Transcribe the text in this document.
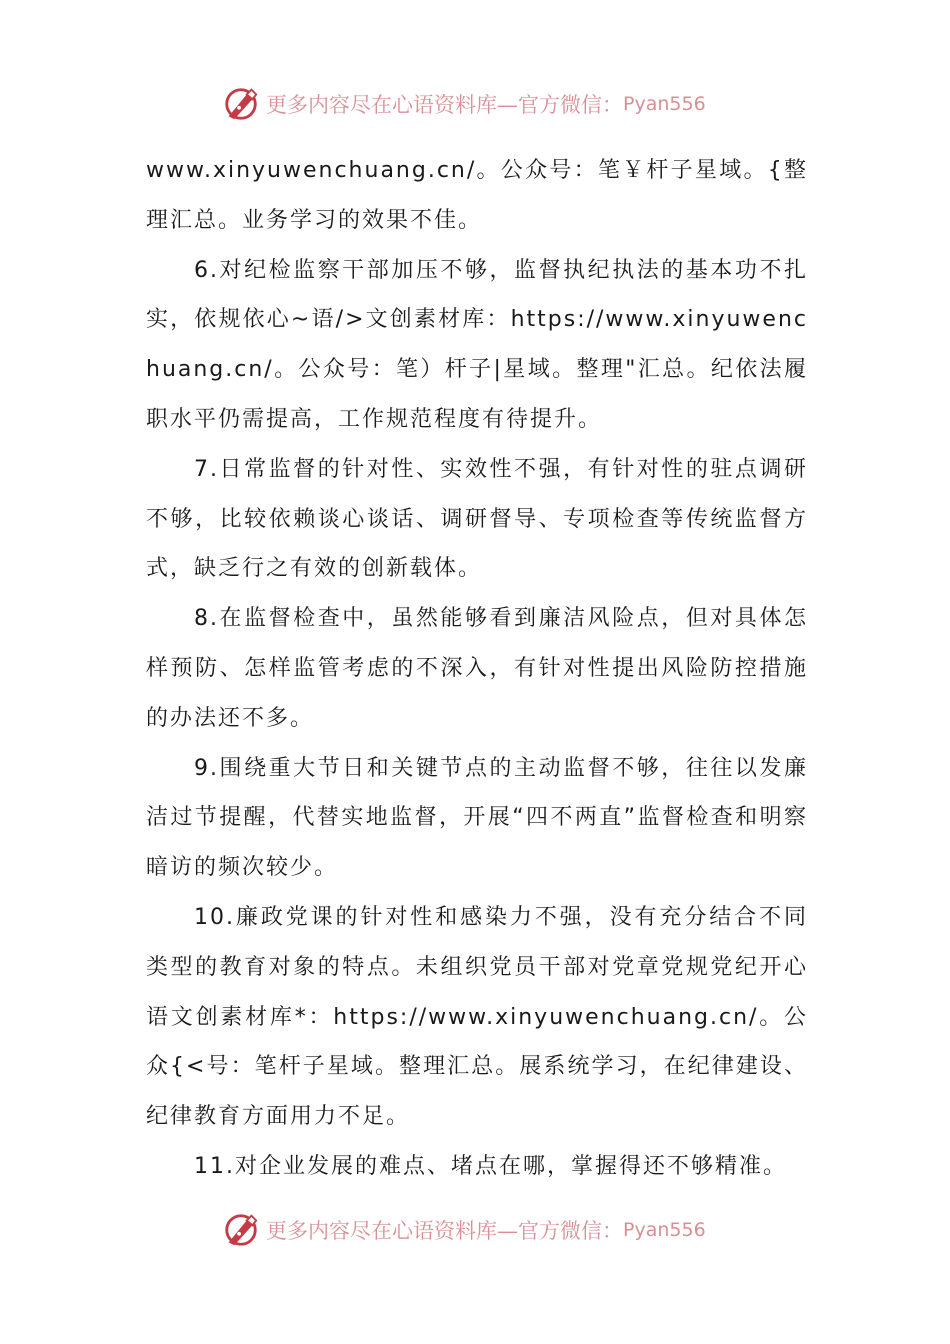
更多内容尽在心语资料库—官方微信： Pyan556

www.xinyuwenchuang.cn/。公众号：笔￥杆子星域。{整理汇总。业务学习的效果不佳。

6.对纪检监察干部加压不够，监督执纪执法的基本功不扎实，依规依心~语/>文创素材库：https://www.xinyuwenchuang.cn/。公众号：笔）杆子|星域。整理"汇总。纪依法履职水平仍需提高，工作规范程度有待提升。

7.日常监督的针对性、实效性不强，有针对性的驻点调研不够，比较依赖谈心谈话、调研督导、专项检查等传统监督方式，缺乏行之有效的创新载体。

8.在监督检查中，虽然能够看到廉洁风险点，但对具体怎样预防、怎样监管考虑的不深入，有针对性提出风险防控措施的办法还不多。

9.围绕重大节日和关键节点的主动监督不够，往往以发廉洁过节提醒，代替实地监督，开展“四不两直”监督检查和明察暗访的频次较少。

10.廉政党课的针对性和感染力不强，没有充分结合不同类型的教育对象的特点。未组织党员干部对党章党规党纪开心语文创素材库*：https://www.xinyuwenchuang.cn/。公众{<号：笔杆子星域。整理汇总。展系统学习，在纪律建设、纪律教育方面用力不足。

11.对企业发展的难点、堵点在哪，掌握得还不够精准。

更多内容尽在心语资料库—官方微信： Pyan556
